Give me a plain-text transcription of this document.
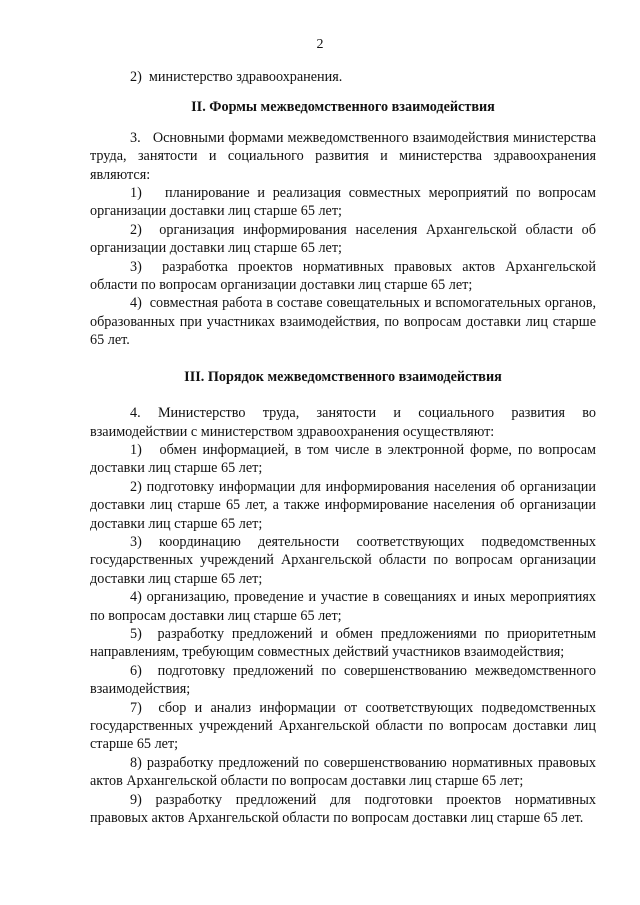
2

2)  министерство здравоохранения.

II. Формы межведомственного взаимодействия

3.   Основными формами межведомственного взаимодействия министерства труда, занятости и социального развития и министерства здравоохранения являются:

1)   планирование и реализация совместных мероприятий по вопросам организации доставки лиц старше 65 лет;

2)  организация информирования населения Архангельской области об организации доставки лиц старше 65 лет;

3)  разработка проектов нормативных правовых актов Архангельской области по вопросам организации доставки лиц старше 65 лет;

4)  совместная работа в составе совещательных и вспомогательных органов, образованных при участниках взаимодействия, по вопросам доставки лиц старше 65 лет.

III. Порядок межведомственного взаимодействия

4. Министерство труда, занятости и социального развития во взаимодействии с министерством здравоохранения осуществляют:

1)   обмен информацией, в том числе в электронной форме, по вопросам доставки лиц старше 65 лет;

2) подготовку информации для информирования населения об организации доставки лиц старше 65 лет, а также информирование населения об организации доставки лиц старше 65 лет;

3) координацию деятельности соответствующих подведомственных государственных учреждений Архангельской области по вопросам организации доставки лиц старше 65 лет;

4) организацию, проведение и участие в совещаниях и иных мероприятиях по вопросам доставки лиц старше 65 лет;

5)  разработку предложений и обмен предложениями по приоритетным направлениям, требующим совместных действий участников взаимодействия;

6)  подготовку предложений по совершенствованию межведомственного взаимодействия;

7)  сбор и анализ информации от соответствующих подведомственных государственных учреждений Архангельской области по вопросам доставки лиц старше 65 лет;

8) разработку предложений по совершенствованию нормативных правовых актов Архангельской области по вопросам доставки лиц старше 65 лет;

9) разработку предложений для подготовки проектов нормативных правовых актов Архангельской области по вопросам доставки лиц старше 65 лет.
